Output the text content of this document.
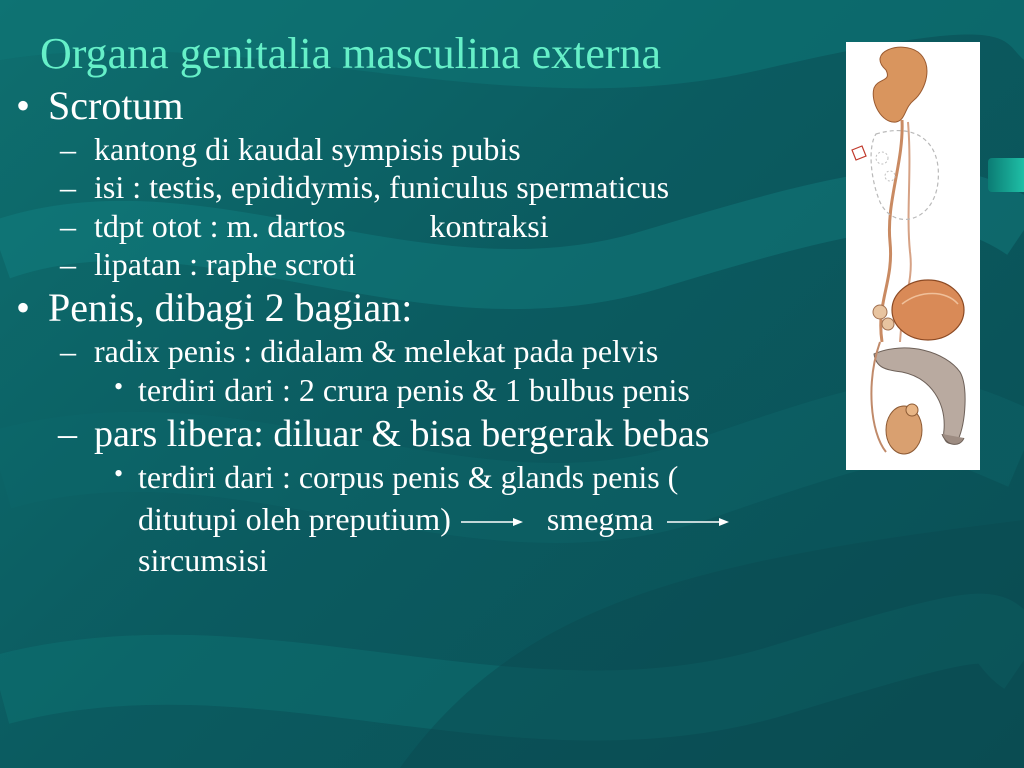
Organa genitalia masculina externa
• Scrotum
– kantong di kaudal sympisis pubis
– isi : testis, epididymis, funiculus spermaticus
– tdpt otot : m. dartos	kontraksi
– lipatan : raphe scroti
• Penis, dibagi 2 bagian:
– radix penis : didalam & melekat pada pelvis
• terdiri dari : 2 crura penis & 1 bulbus penis
– pars libera: diluar & bisa bergerak bebas
• terdiri dari : corpus penis & glands penis (
ditutupi oleh preputium)	smegma
sircumsisi
